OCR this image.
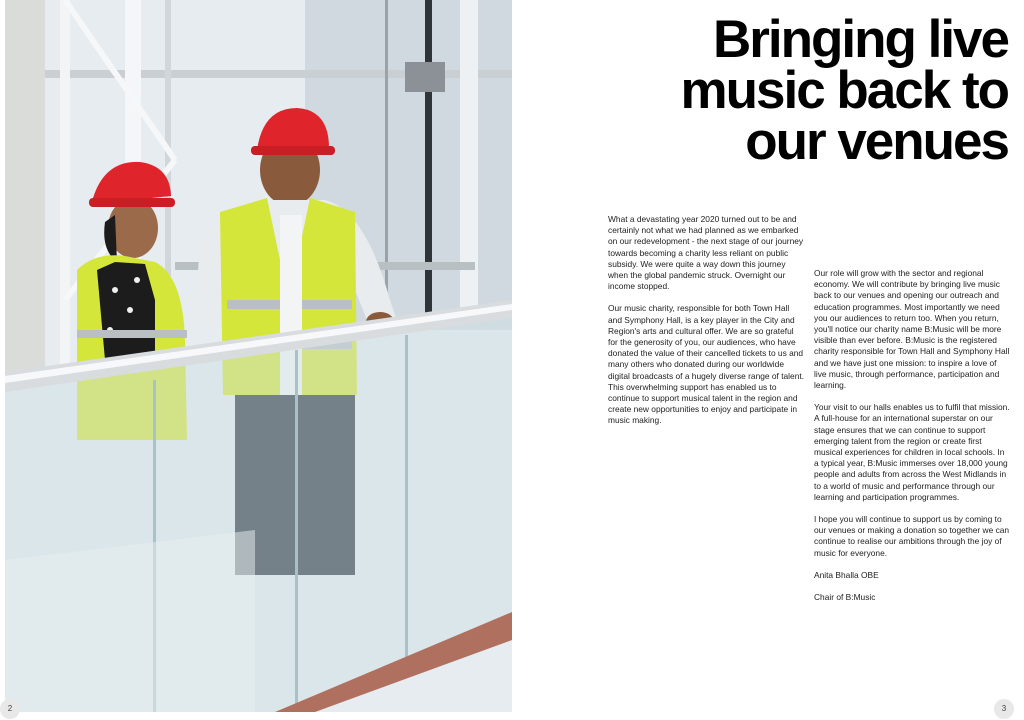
Bringing live
music back to
our venues

What a devastating year 2020 turned out to be and certainly not what we had planned as we embarked on our redevelopment - the next stage of our journey towards becoming a charity less reliant on public subsidy. We were quite a way down this journey when the global pandemic struck. Overnight our income stopped.

Our music charity, responsible for both Town Hall and Symphony Hall, is a key player in the City and Region's arts and cultural offer. We are so grateful for the generosity of you, our audiences, who have donated the value of their cancelled tickets to us and many others who donated during our worldwide digital broadcasts of a hugely diverse range of talent. This overwhelming support has enabled us to continue to support musical talent in the region and create new opportunities to enjoy and participate in music making.

Our role will grow with the sector and regional economy. We will contribute by bringing live music back to our venues and opening our outreach and education programmes. Most importantly we need you our audiences to return too. When you return, you'll notice our charity name B:Music will be more visible than ever before. B:Music is the registered charity responsible for Town Hall and Symphony Hall and we have just one mission: to inspire a love of live music, through performance, participation and learning.

Your visit to our halls enables us to fulfil that mission. A full-house for an international superstar on our stage ensures that we can continue to support emerging talent from the region or create first musical experiences for children in local schools. In a typical year, B:Music immerses over 18,000 young people and adults from across the West Midlands in to a world of music and performance through our learning and participation programmes.

I hope you will continue to support us by coming to our venues or making a donation so together we can continue to realise our ambitions through the joy of music for everyone.

Anita Bhalla OBE

Chair of B:Music

2	3
